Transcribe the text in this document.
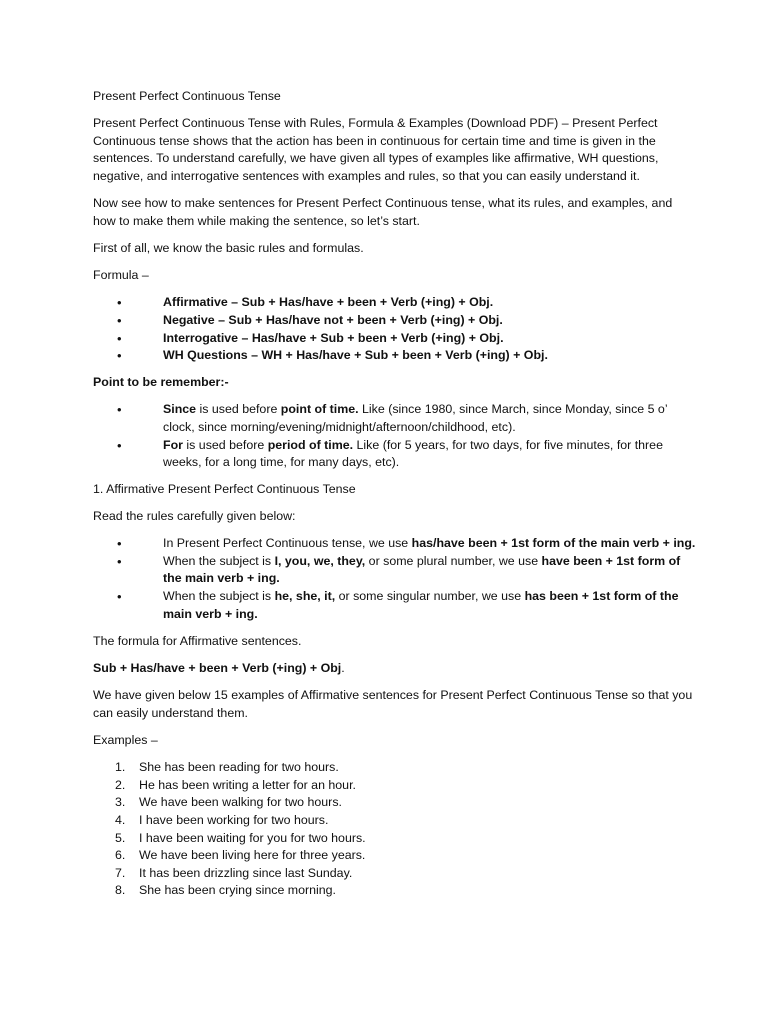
Present Perfect Continuous Tense

Present Perfect Continuous Tense with Rules, Formula & Examples (Download PDF) – Present Perfect Continuous tense shows that the action has been in continuous for certain time and time is given in the sentences. To understand carefully, we have given all types of examples like affirmative, WH questions, negative, and interrogative sentences with examples and rules, so that you can easily understand it.

Now see how to make sentences for Present Perfect Continuous tense, what its rules, and examples, and how to make them while making the sentence, so let’s start.

First of all, we know the basic rules and formulas.

Formula –

• Affirmative – Sub + Has/have + been + Verb (+ing) + Obj.
• Negative – Sub + Has/have not + been + Verb (+ing) + Obj.
• Interrogative – Has/have + Sub + been + Verb (+ing) + Obj.
• WH Questions – WH + Has/have + Sub + been + Verb (+ing) + Obj.

Point to be remember:-

• Since is used before point of time. Like (since 1980, since March, since Monday, since 5 o’ clock, since morning/evening/midnight/afternoon/childhood, etc).
• For is used before period of time. Like (for 5 years, for two days, for five minutes, for three weeks, for a long time, for many days, etc).

1. Affirmative Present Perfect Continuous Tense

Read the rules carefully given below:

• In Present Perfect Continuous tense, we use has/have been + 1st form of the main verb + ing.
• When the subject is I, you, we, they, or some plural number, we use have been + 1st form of the main verb + ing.
• When the subject is he, she, it, or some singular number, we use has been + 1st form of the main verb + ing.

The formula for Affirmative sentences.

Sub + Has/have + been + Verb (+ing) + Obj.

We have given below 15 examples of Affirmative sentences for Present Perfect Continuous Tense so that you can easily understand them.

Examples –

1. She has been reading for two hours.
2. He has been writing a letter for an hour.
3. We have been walking for two hours.
4. I have been working for two hours.
5. I have been waiting for you for two hours.
6. We have been living here for three years.
7. It has been drizzling since last Sunday.
8. She has been crying since morning.
